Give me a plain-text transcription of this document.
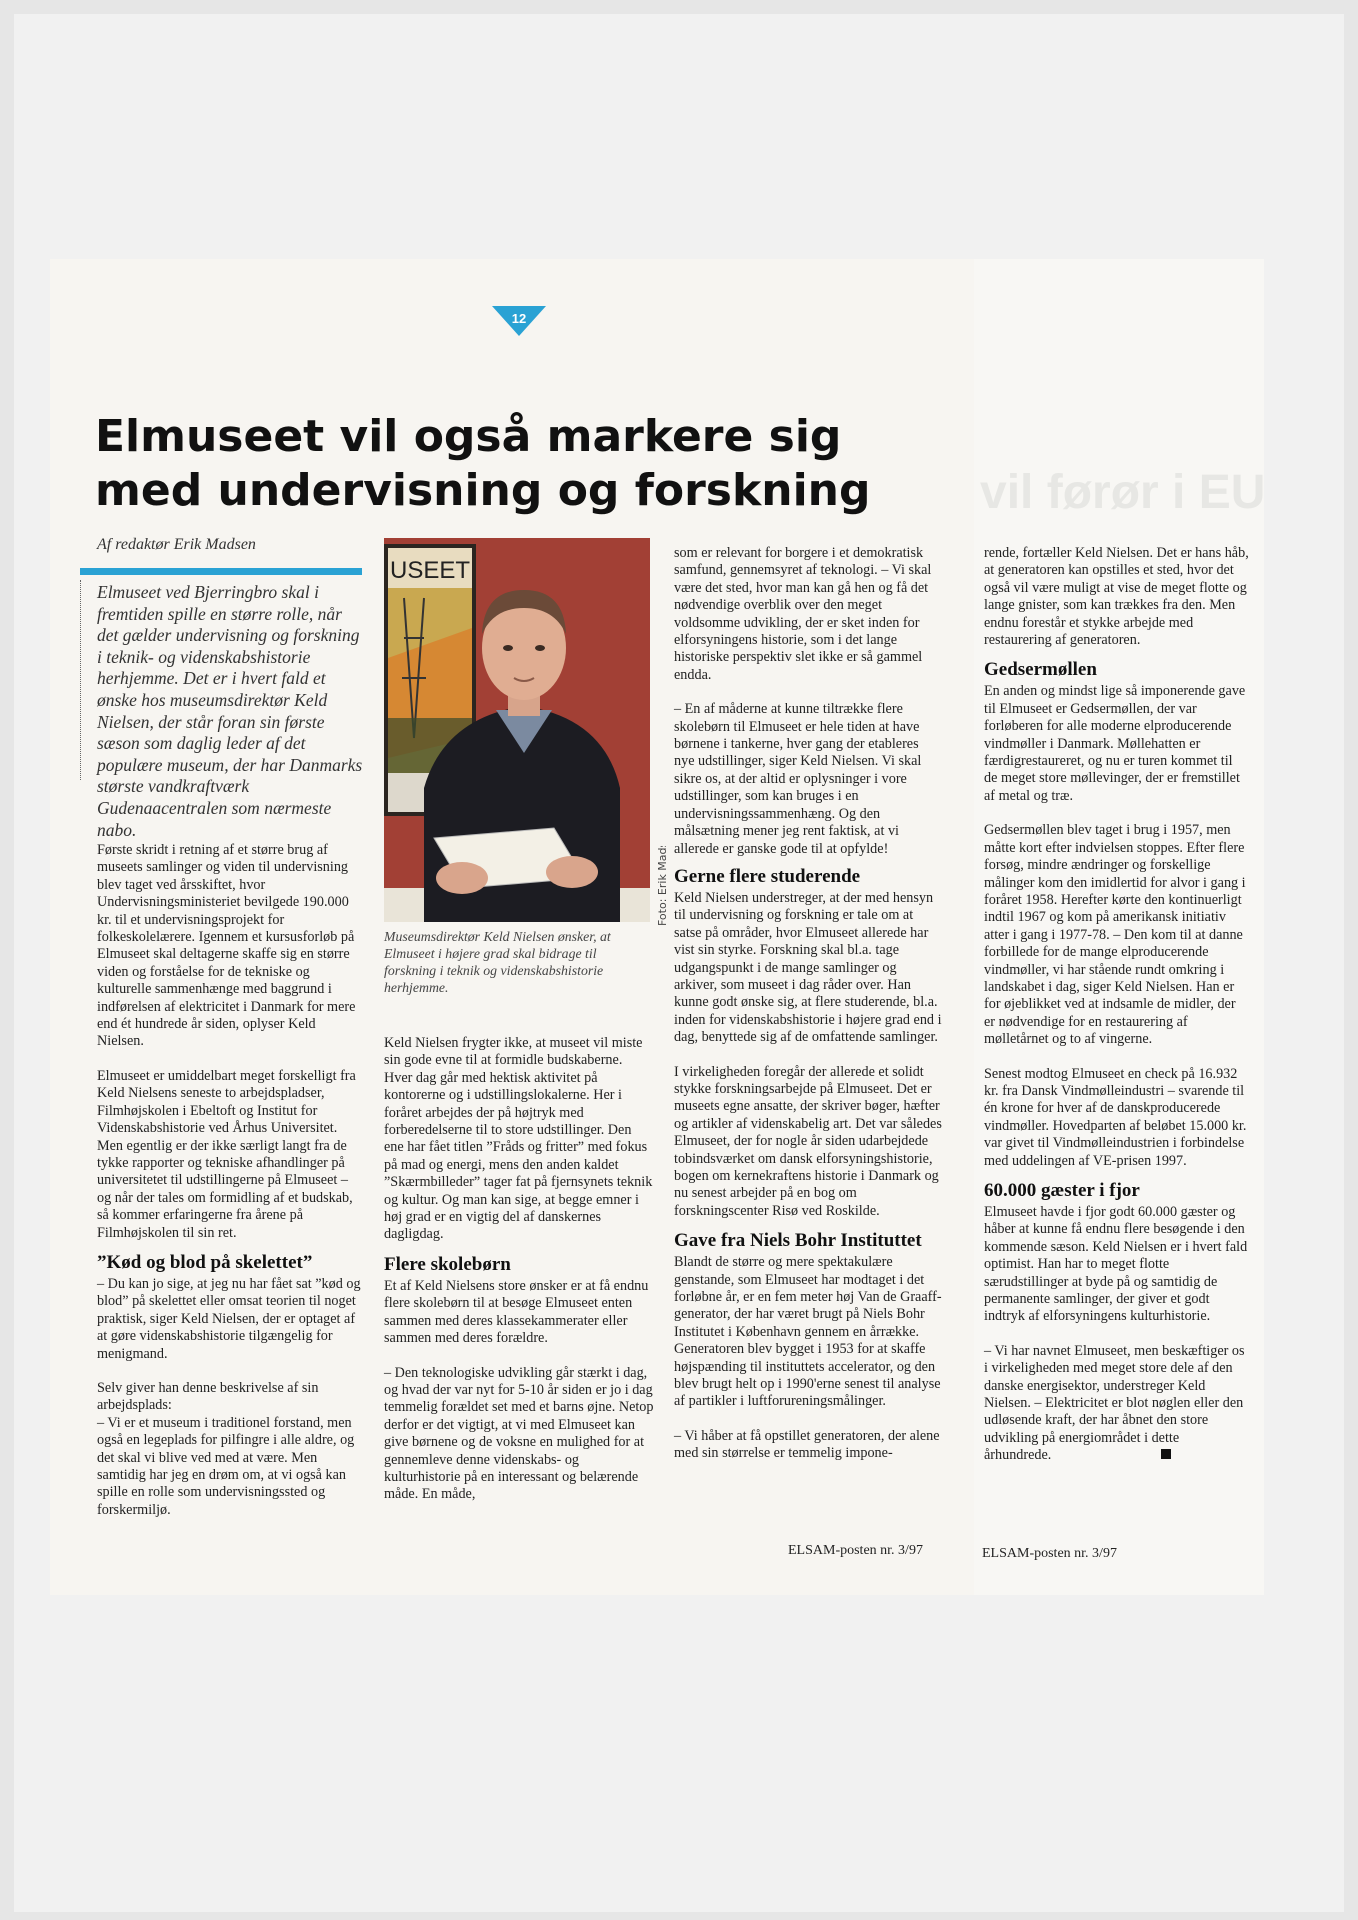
vil førør i EU
12
Elmuseet vil også markere sig
med undervisning og forskning

Af redaktør Erik Madsen

Elmuseet ved Bjerringbro skal i fremtiden spille en større rolle, når det gælder undervisning og forskning i teknik- og videnskabshistorie herhjemme. Det er i hvert fald et ønske hos museumsdirektør Keld Nielsen, der står foran sin første sæson som daglig leder af det populære museum, der har Danmarks største vandkraftværk Gudenaacentralen som nærmeste nabo.

Første skridt i retning af et større brug af museets samlinger og viden til undervisning blev taget ved årsskiftet, hvor Undervisningsministeriet bevilgede 190.000 kr. til et undervisningsprojekt for folkeskolelærere. Igennem et kursusforløb på Elmuseet skal deltagerne skaffe sig en større viden og forståelse for de tekniske og kulturelle sammenhænge med baggrund i indførelsen af elektricitet i Danmark for mere end ét hundrede år siden, oplyser Keld Nielsen.

Elmuseet er umiddelbart meget forskelligt fra Keld Nielsens seneste to arbejdspladser, Filmhøjskolen i Ebeltoft og Institut for Videnskabshistorie ved Århus Universitet. Men egentlig er der ikke særligt langt fra de tykke rapporter og tekniske afhandlinger på universitetet til udstillingerne på Elmuseet – og når der tales om formidling af et budskab, så kommer erfaringerne fra årene på Filmhøjskolen til sin ret.

”Kød og blod på skelettet”

– Du kan jo sige, at jeg nu har fået sat ”kød og blod” på skelettet eller omsat teorien til noget praktisk, siger Keld Nielsen, der er optaget af at gøre videnskabshistorie tilgængelig for menigmand.

Selv giver han denne beskrivelse af sin arbejdsplads:

– Vi er et museum i traditionel forstand, men også en legeplads for pilfingre i alle aldre, og det skal vi blive ved med at være. Men samtidig har jeg en drøm om, at vi også kan spille en rolle som undervisningssted og forskermiljø.

USEET
Foto: Erik Madsen

Museumsdirektør Keld Nielsen ønsker, at Elmuseet i højere grad skal bidrage til forskning i teknik og videnskabshistorie herhjemme.

Keld Nielsen frygter ikke, at museet vil miste sin gode evne til at formidle budskaberne. Hver dag går med hektisk aktivitet på kontorerne og i udstillingslokalerne. Her i foråret arbejdes der på højtryk med forberedelserne til to store udstillinger. Den ene har fået titlen ”Fråds og fritter” med fokus på mad og energi, mens den anden kaldet ”Skærmbilleder” tager fat på fjernsynets teknik og kultur. Og man kan sige, at begge emner i høj grad er en vigtig del af danskernes dagligdag.

Flere skolebørn

Et af Keld Nielsens store ønsker er at få endnu flere skolebørn til at besøge Elmuseet enten sammen med deres klassekammerater eller sammen med deres forældre.

– Den teknologiske udvikling går stærkt i dag, og hvad der var nyt for 5-10 år siden er jo i dag temmelig forældet set med et barns øjne. Netop derfor er det vigtigt, at vi med Elmuseet kan give børnene og de voksne en mulighed for at gennemleve denne videnskabs- og kulturhistorie på en interessant og belærende måde. En måde,

som er relevant for borgere i et demokratisk samfund, gennemsyret af teknologi. – Vi skal være det sted, hvor man kan gå hen og få det nødvendige overblik over den meget voldsomme udvikling, der er sket inden for elforsyningens historie, som i det lange historiske perspektiv slet ikke er så gammel endda.

– En af måderne at kunne tiltrække flere skolebørn til Elmuseet er hele tiden at have børnene i tankerne, hver gang der etableres nye udstillinger, siger Keld Nielsen. Vi skal sikre os, at der altid er oplysninger i vore udstillinger, som kan bruges i en undervisningssammenhæng. Og den målsætning mener jeg rent faktisk, at vi allerede er ganske gode til at opfylde!

Gerne flere studerende

Keld Nielsen understreger, at der med hensyn til undervisning og forskning er tale om at satse på områder, hvor Elmuseet allerede har vist sin styrke. Forskning skal bl.a. tage udgangspunkt i de mange samlinger og arkiver, som museet i dag råder over. Han kunne godt ønske sig, at flere studerende, bl.a. inden for videnskabshistorie i højere grad end i dag, benyttede sig af de omfattende samlinger.

I virkeligheden foregår der allerede et solidt stykke forskningsarbejde på Elmuseet. Det er museets egne ansatte, der skriver bøger, hæfter og artikler af videnskabelig art. Det var således Elmuseet, der for nogle år siden udarbejdede tobindsværket om dansk elforsyningshistorie, bogen om kernekraftens historie i Danmark og nu senest arbejder på en bog om forskningscenter Risø ved Roskilde.

Gave fra Niels Bohr Instituttet

Blandt de større og mere spektakulære genstande, som Elmuseet har modtaget i det forløbne år, er en fem meter høj Van de Graaff-generator, der har været brugt på Niels Bohr Institutet i København gennem en årrække. Generatoren blev bygget i 1953 for at skaffe højspænding til instituttets accelerator, og den blev brugt helt op i 1990'erne senest til analyse af partikler i luftforureningsmålinger.

– Vi håber at få opstillet generatoren, der alene med sin størrelse er temmelig impone-

rende, fortæller Keld Nielsen. Det er hans håb, at generatoren kan opstilles et sted, hvor det også vil være muligt at vise de meget flotte og lange gnister, som kan trækkes fra den. Men endnu forestår et stykke arbejde med restaurering af generatoren.

Gedsermøllen

En anden og mindst lige så imponerende gave til Elmuseet er Gedsermøllen, der var forløberen for alle moderne elproducerende vindmøller i Danmark. Møllehatten er færdigrestaureret, og nu er turen kommet til de meget store møllevinger, der er fremstillet af metal og træ.

Gedsermøllen blev taget i brug i 1957, men måtte kort efter indvielsen stoppes. Efter flere forsøg, mindre ændringer og forskellige målinger kom den imidlertid for alvor i gang i foråret 1958. Herefter kørte den kontinuerligt indtil 1967 og kom på amerikansk initiativ atter i gang i 1977-78. – Den kom til at danne forbillede for de mange elproducerende vindmøller, vi har stående rundt omkring i landskabet i dag, siger Keld Nielsen. Han er for øjeblikket ved at indsamle de midler, der er nødvendige for en restaurering af mølletårnet og to af vingerne.

Senest modtog Elmuseet en check på 16.932 kr. fra Dansk Vindmølleindustri – svarende til én krone for hver af de danskproducerede vindmøller. Hovedparten af beløbet 15.000 kr. var givet til Vindmølleindustrien i forbindelse med uddelingen af VE-prisen 1997.

60.000 gæster i fjor

Elmuseet havde i fjor godt 60.000 gæster og håber at kunne få endnu flere besøgende i den kommende sæson. Keld Nielsen er i hvert fald optimist. Han har to meget flotte særudstillinger at byde på og samtidig de permanente samlinger, der giver et godt indtryk af elforsyningens kulturhistorie.

– Vi har navnet Elmuseet, men beskæftiger os i virkeligheden med meget store dele af den danske energisektor, understreger Keld Nielsen. – Elektricitet er blot nøglen eller den udløsende kraft, der har åbnet den store udvikling på energiområdet i dette århundrede.

ELSAM-posten nr. 3/97	ELSAM-posten nr. 3/97
